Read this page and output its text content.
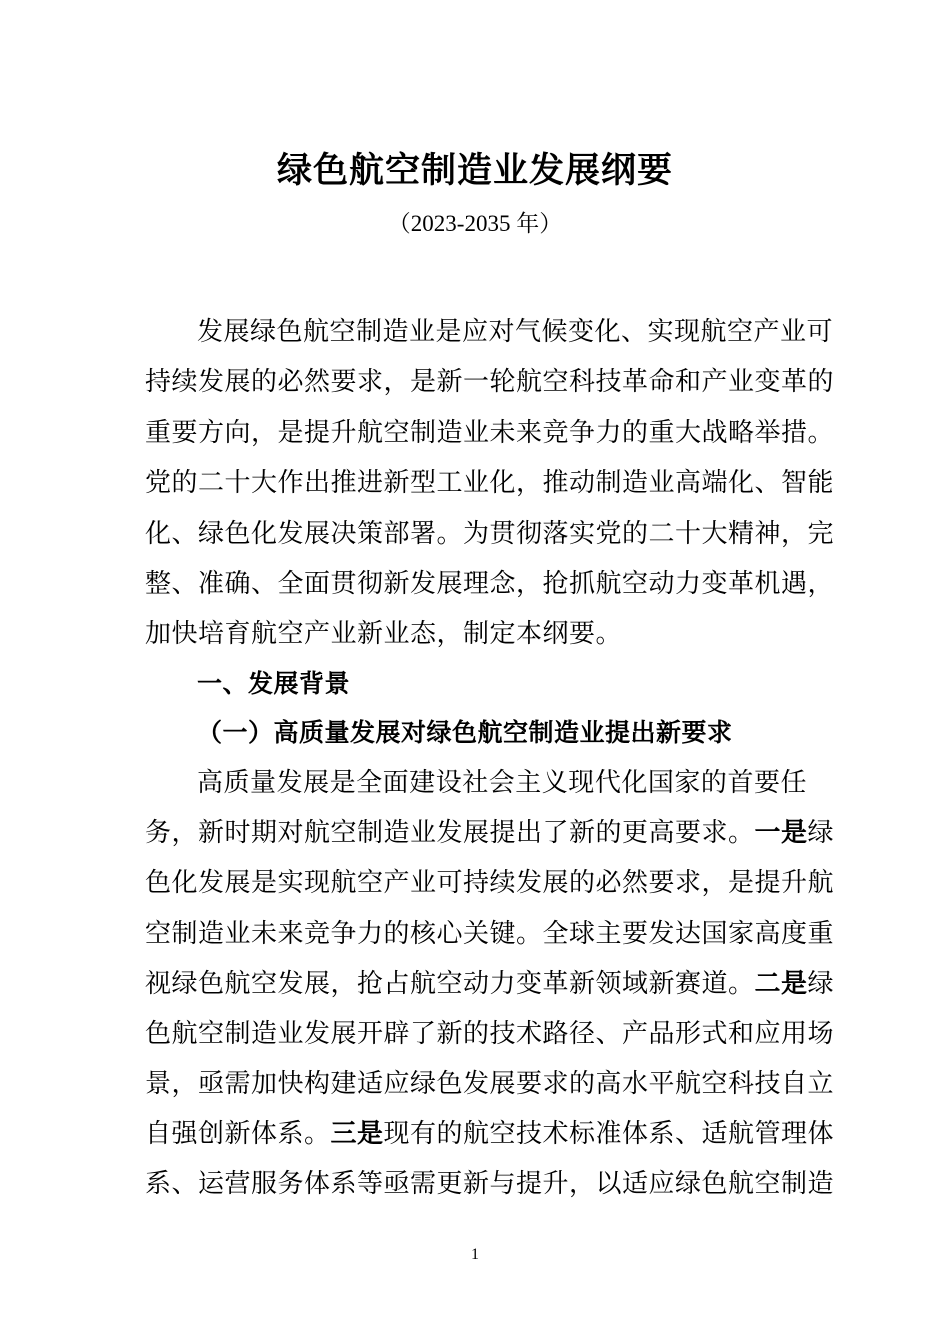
绿色航空制造业发展纲要
（2023-2035 年）
发展绿色航空制造业是应对气候变化、实现航空产业可
持续发展的必然要求，是新一轮航空科技革命和产业变革的
重要方向，是提升航空制造业未来竞争力的重大战略举措。
党的二十大作出推进新型工业化，推动制造业高端化、智能
化、绿色化发展决策部署。为贯彻落实党的二十大精神，完
整、准确、全面贯彻新发展理念，抢抓航空动力变革机遇，
加快培育航空产业新业态，制定本纲要。
一、发展背景
（一）高质量发展对绿色航空制造业提出新要求
高质量发展是全面建设社会主义现代化国家的首要任
务，新时期对航空制造业发展提出了新的更高要求。一是绿
色化发展是实现航空产业可持续发展的必然要求，是提升航
空制造业未来竞争力的核心关键。全球主要发达国家高度重
视绿色航空发展，抢占航空动力变革新领域新赛道。二是绿
色航空制造业发展开辟了新的技术路径、产品形式和应用场
景，亟需加快构建适应绿色发展要求的高水平航空科技自立
自强创新体系。三是现有的航空技术标准体系、适航管理体
系、运营服务体系等亟需更新与提升，以适应绿色航空制造
1
